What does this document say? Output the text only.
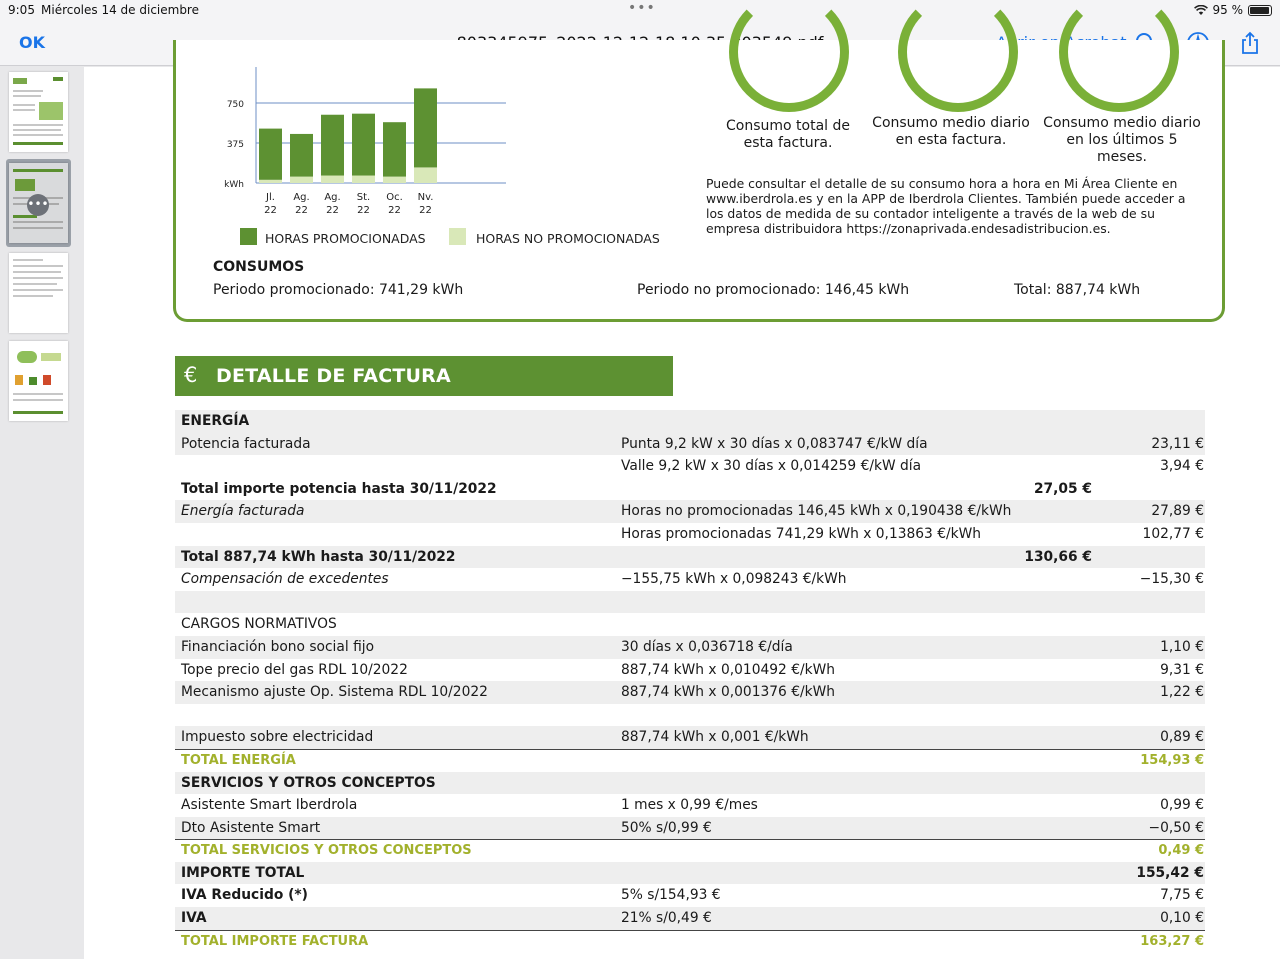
9:05 Miércoles 14 de diciembre	•••	95 %
OK
•••
Consumo total de esta factura.
Consumo medio diario en esta factura.
Consumo medio diario en los últimos 5 meses.
Puede consultar el detalle de su consumo hora a hora en Mi Área Cliente en www.iberdrola.es y en la APP de Iberdrola Clientes. También puede acceder a los datos de medida de su contador inteligente a través de la web de su empresa distribuidora https://zonaprivada.endesadistribucion.es.
375
750
kWh
Jl.
22
Ag.
22
Ag.
22
St.
22
Oc.
22
Nv.
22
HORAS PROMOCIONADAS	HORAS NO PROMOCIONADAS
CONSUMOS
Periodo promocionado: 741,29 kWh	Periodo no promocionado: 146,45 kWh	Total: 887,74 kWh
€ DETALLE DE FACTURA
ENERGÍA
Potencia facturada	Punta 9,2 kW x 30 días x 0,083747 €/kW día	23,11 €
Valle 9,2 kW x 30 días x 0,014259 €/kW día	3,94 €
Total importe potencia hasta 30/11/2022	27,05 €
Energía facturada	Horas no promocionadas 146,45 kWh x 0,190438 €/kWh	27,89 €
Horas promocionadas 741,29 kWh x 0,13863 €/kWh	102,77 €
Total 887,74 kWh hasta 30/11/2022	130,66 €
Compensación de excedentes	−155,75 kWh x 0,098243 €/kWh	−15,30 €
CARGOS NORMATIVOS
Financiación bono social fijo	30 días x 0,036718 €/día	1,10 €
Tope precio del gas RDL 10/2022	887,74 kWh x 0,010492 €/kWh	9,31 €
Mecanismo ajuste Op. Sistema RDL 10/2022	887,74 kWh x 0,001376 €/kWh	1,22 €
Impuesto sobre electricidad	887,74 kWh x 0,001 €/kWh	0,89 €
TOTAL ENERGÍA	154,93 €
SERVICIOS Y OTROS CONCEPTOS
Asistente Smart Iberdrola	1 mes x 0,99 €/mes	0,99 €
Dto Asistente Smart	50% s/0,99 €	−0,50 €
TOTAL SERVICIOS Y OTROS CONCEPTOS	0,49 €
IMPORTE TOTAL	155,42 €
IVA Reducido (*)	5% s/154,93 €	7,75 €
IVA	21% s/0,49 €	0,10 €
TOTAL IMPORTE FACTURA	163,27 €
